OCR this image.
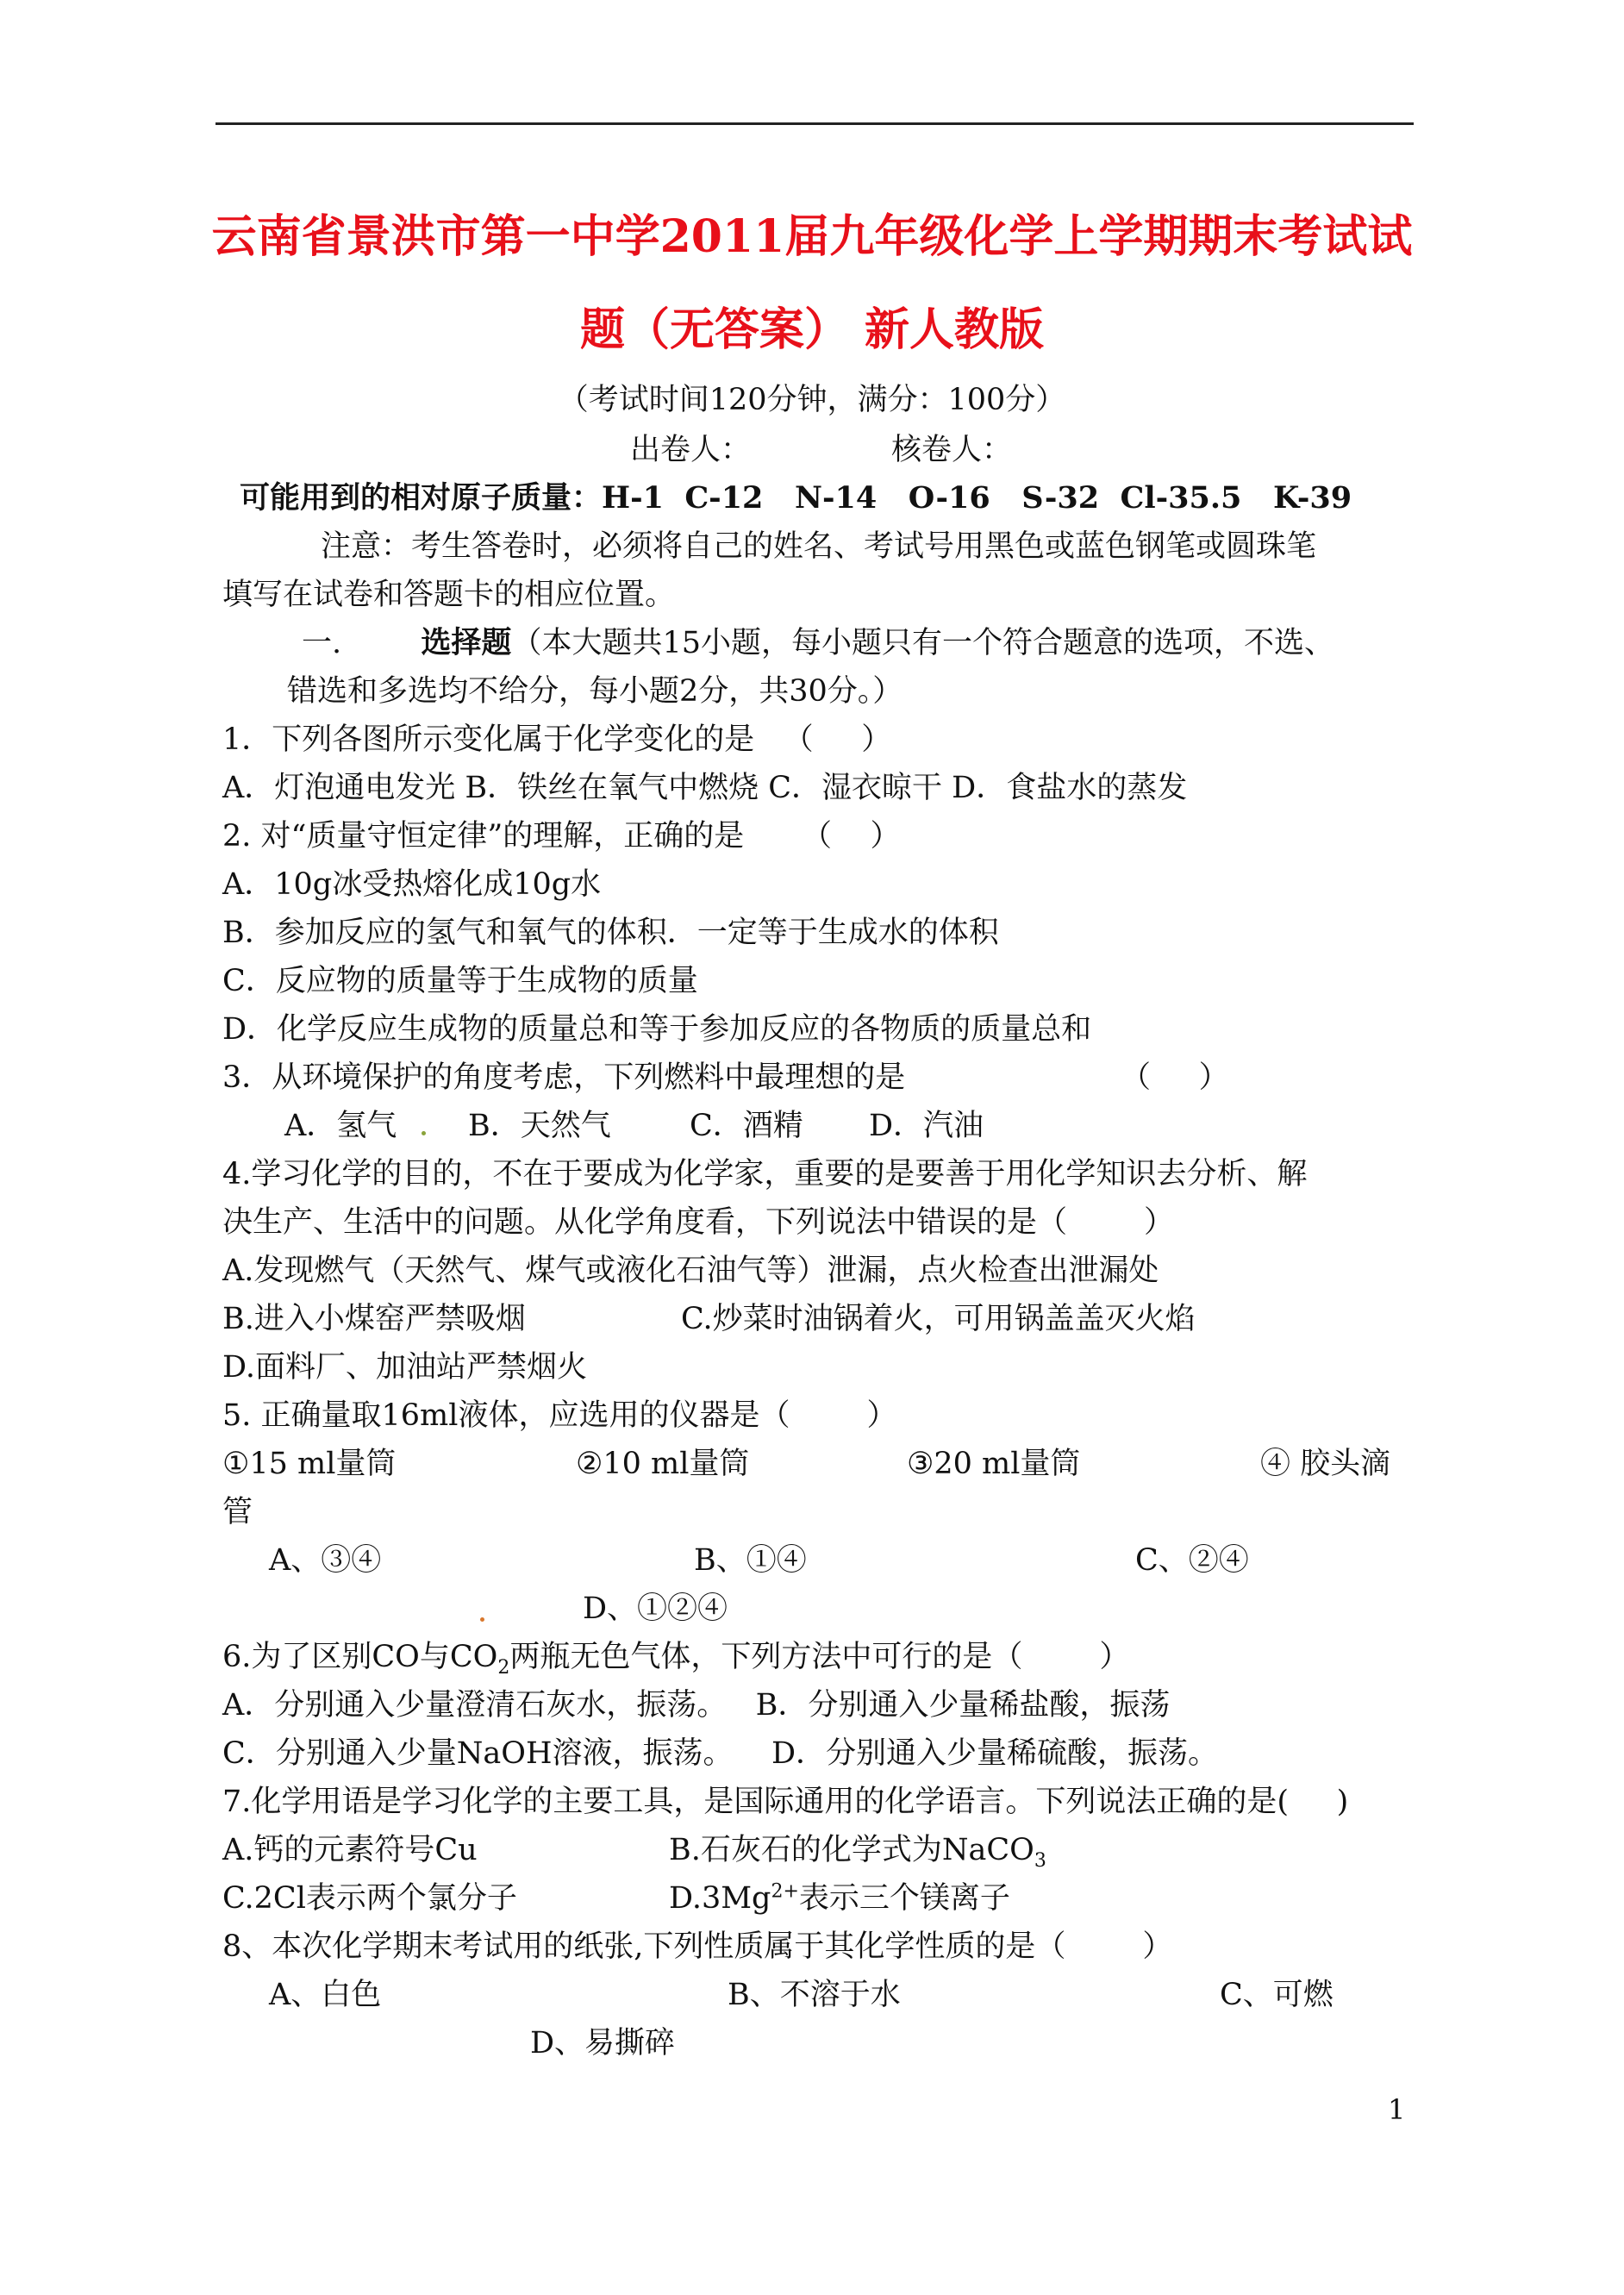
云南省景洪市第一中学2011届九年级化学上学期期末考试试
题（无答案） 新人教版
（考试时间120分钟，满分：100分）
出卷人：	核卷人：
可能用到的相对原子质量：H-1  C-12   N-14   O-16   S-32  Cl-35.5   K-39
注意：考生答卷时，必须将自己的姓名、考试号用黑色或蓝色钢笔或圆珠笔
填写在试卷和答题卡的相应位置。
一.	选择题（本大题共15小题，每小题只有一个符合题意的选项，不选、
错选和多选均不给分，每小题2分，共30分。）
1．下列各图所示变化属于化学变化的是   （     ）
A．灯泡通电发光 B．铁丝在氧气中燃烧 C．湿衣晾干 D．食盐水的蒸发
2. 对“质量守恒定律”的理解，正确的是      （    ）
A．10g冰受热熔化成10g水
B．参加反应的氢气和氧气的体积．一定等于生成水的体积
C．反应物的质量等于生成物的质量
D．化学反应生成物的质量总和等于参加反应的各物质的质量总和
3．从环境保护的角度考虑，下列燃料中最理想的是	（     ）
A．氢气 B．天然气	C．酒精 D．汽油
4.学习化学的目的，不在于要成为化学家，重要的是要善于用化学知识去分析、解
决生产、生活中的问题。从化学角度看，下列说法中错误的是（        ）
A.发现燃气（天然气、煤气或液化石油气等）泄漏，点火检查出泄漏处
B.进入小煤窑严禁吸烟	C.炒菜时油锅着火，可用锅盖盖灭火焰
D.面料厂、加油站严禁烟火
5. 正确量取16ml液体，应选用的仪器是（        ）
①15 ml量筒	②10 ml量筒	③20 ml量筒	④ 胶头滴
管
A、③④	B、①④	C、②④
D、①②④
6.为了区别CO与$CO_2$两瓶无色气体，下列方法中可行的是（        ）
A．分别通入少量澄清石灰水，振荡。   B．分别通入少量稀盐酸，振荡
C．分别通入少量NaOH溶液，振荡。    D．分别通入少量稀硫酸，振荡。
7.化学用语是学习化学的主要工具，是国际通用的化学语言。下列说法正确的是(     )
A.钙的元素符号Cu	B.石灰石的化学式为NaCO$_3$
C.2Cl表示两个氯分子	$D.3Mg^{2+}$表示三个镁离子
8、本次化学期末考试用的纸张,下列性质属于其化学性质的是（        ）
A、白色	B、不溶于水	C、可燃
D、易撕碎
1
